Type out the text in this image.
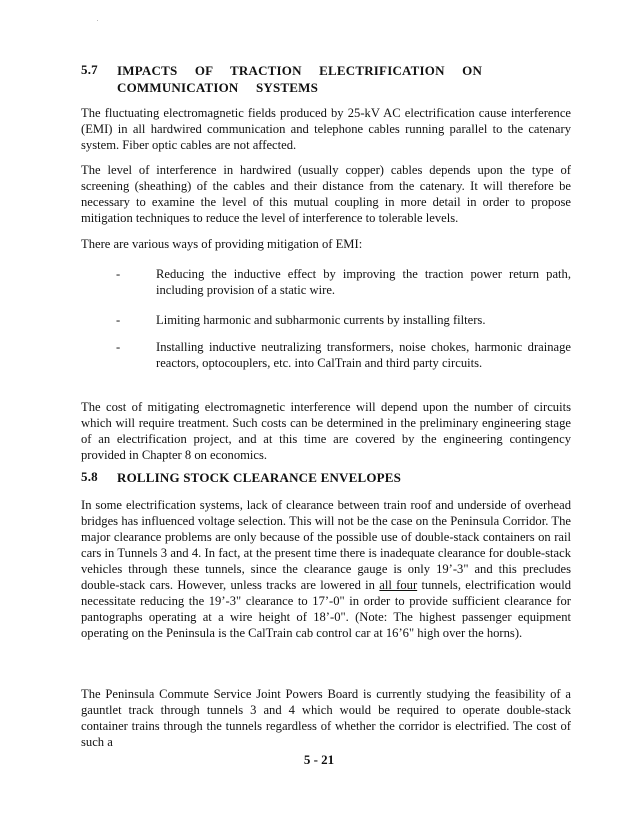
5.7 IMPACTS OF TRACTION ELECTRIFICATION ON COMMUNICATION SYSTEMS

The fluctuating electromagnetic fields produced by 25-kV AC electrification cause interference (EMI) in all hardwired communication and telephone cables running parallel to the catenary system. Fiber optic cables are not affected.

The level of interference in hardwired (usually copper) cables depends upon the type of screening (sheathing) of the cables and their distance from the catenary. It will therefore be necessary to examine the level of this mutual coupling in more detail in order to propose mitigation techniques to reduce the level of interference to tolerable levels.

There are various ways of providing mitigation of EMI:

-	Reducing the inductive effect by improving the traction power return path, including provision of a static wire.
-	Limiting harmonic and subharmonic currents by installing filters.
-	Installing inductive neutralizing transformers, noise chokes, harmonic drainage reactors, optocouplers, etc. into CalTrain and third party circuits.

The cost of mitigating electromagnetic interference will depend upon the number of circuits which will require treatment. Such costs can be determined in the preliminary engineering stage of an electrification project, and at this time are covered by the engineering contingency provided in Chapter 8 on economics.

5.8 ROLLING STOCK CLEARANCE ENVELOPES

In some electrification systems, lack of clearance between train roof and underside of overhead bridges has influenced voltage selection. This will not be the case on the Peninsula Corridor. The major clearance problems are only because of the possible use of double-stack containers on rail cars in Tunnels 3 and 4. In fact, at the present time there is inadequate clearance for double-stack vehicles through these tunnels, since the clearance gauge is only 19’-3" and this precludes double-stack cars. However, unless tracks are lowered in all four tunnels, electrification would necessitate reducing the 19’-3" clearance to 17’-0" in order to provide sufficient clearance for pantographs operating at a wire height of 18’-0". (Note: The highest passenger equipment operating on the Peninsula is the CalTrain cab control car at 16’6" high over the horns).

The Peninsula Commute Service Joint Powers Board is currently studying the feasibility of a gauntlet track through tunnels 3 and 4 which would be required to operate double-stack container trains through the tunnels regardless of whether the corridor is electrified. The cost of such a

5 - 21
